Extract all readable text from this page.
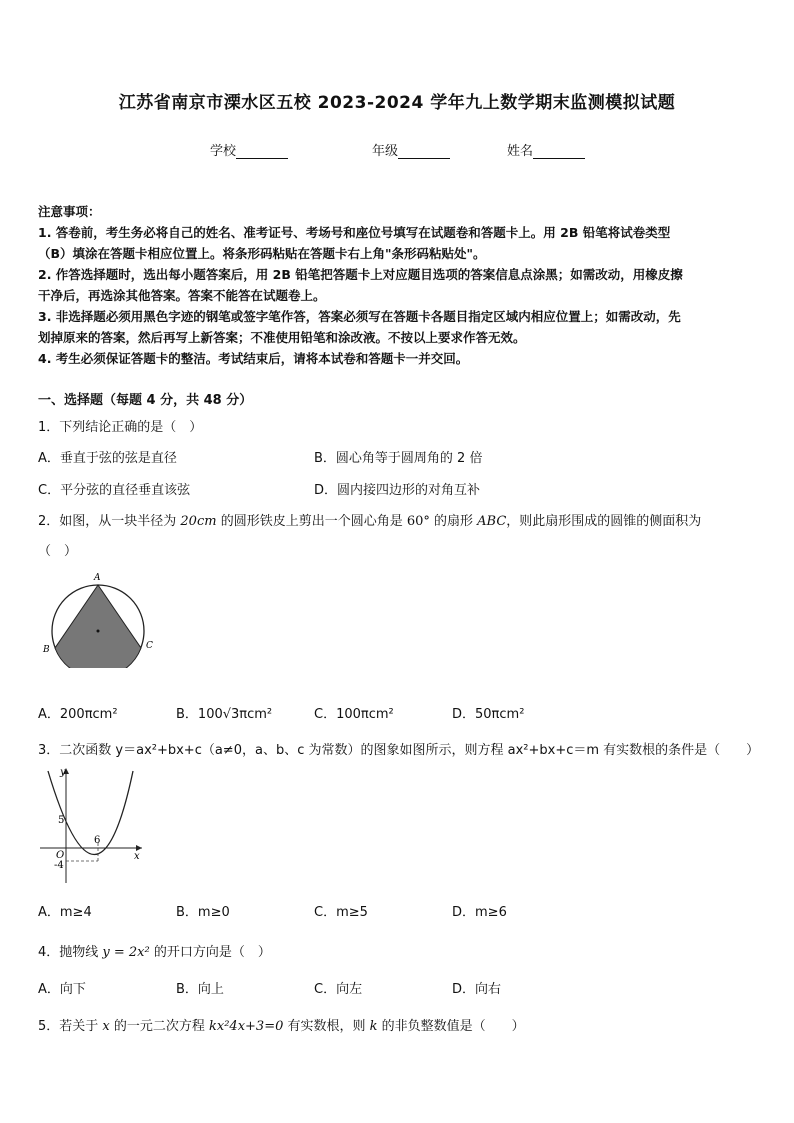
江苏省南京市溧水区五校 2023-2024 学年九上数学期末监测模拟试题
学校	年级	姓名
注意事项：
1. 答卷前，考生务必将自己的姓名、准考证号、考场号和座位号填写在试题卷和答题卡上。用 2B 铅笔将试卷类型
（B）填涂在答题卡相应位置上。将条形码粘贴在答题卡右上角"条形码粘贴处"。
2. 作答选择题时，选出每小题答案后，用 2B 铅笔把答题卡上对应题目选项的答案信息点涂黑；如需改动，用橡皮擦
干净后，再选涂其他答案。答案不能答在试题卷上。
3. 非选择题必须用黑色字迹的钢笔或签字笔作答，答案必须写在答题卡各题目指定区域内相应位置上；如需改动，先
划掉原来的答案，然后再写上新答案；不准使用铅笔和涂改液。不按以上要求作答无效。
4. 考生必须保证答题卡的整洁。考试结束后，请将本试卷和答题卡一并交回。
一、选择题（每题 4 分，共 48 分）
1．下列结论正确的是（　）
A．垂直于弦的弦是直径	B．圆心角等于圆周角的 2 倍
C．平分弦的直径垂直该弦	D．圆内接四边形的对角互补
2．如图，从一块半径为 20cm 的圆形铁皮上剪出一个圆心角是 60° 的扇形 ABC，则此扇形围成的圆锥的侧面积为
（　）
A
B	C
A．200πcm²	B．100√3πcm²	C．100πcm²	D．50πcm²
3．二次函数 y＝ax²+bx+c（a≠0，a、b、c 为常数）的图象如图所示，则方程 ax²+bx+c＝m 有实数根的条件是（　　）
y
x
O
5
6
-4
A．m≥4	B．m≥0	C．m≥5	D．m≥6
4．抛物线 y = 2x² 的开口方向是（　）
A．向下	B．向上	C．向左	D．向右
5．若关于 x 的一元二次方程 kx²4x+3=0 有实数根，则 k 的非负整数值是（　　）
